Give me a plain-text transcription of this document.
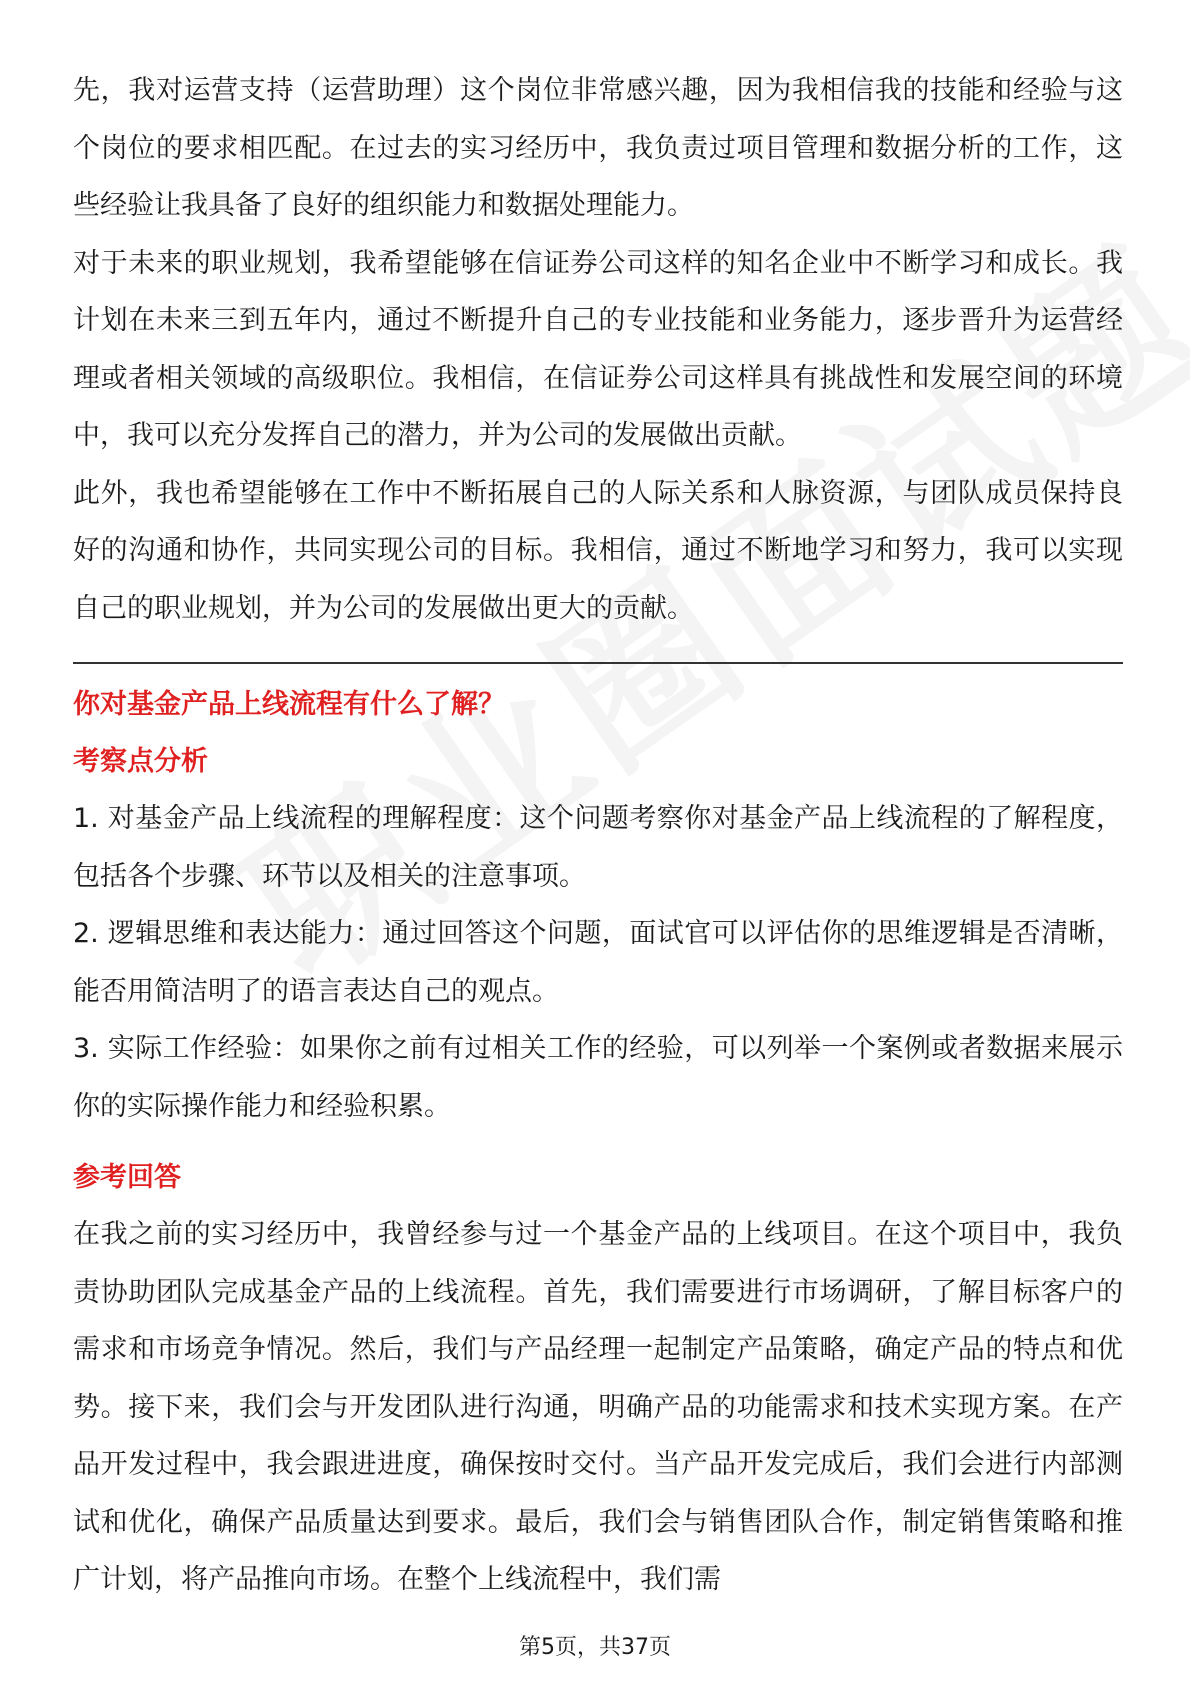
先，我对运营支持（运营助理）这个岗位非常感兴趣，因为我相信我的技能和经验与这个岗位的要求相匹配。在过去的实习经历中，我负责过项目管理和数据分析的工作，这些经验让我具备了良好的组织能力和数据处理能力。

对于未来的职业规划，我希望能够在信证券公司这样的知名企业中不断学习和成长。我计划在未来三到五年内，通过不断提升自己的专业技能和业务能力，逐步晋升为运营经理或者相关领域的高级职位。我相信，在信证券公司这样具有挑战性和发展空间的环境中，我可以充分发挥自己的潜力，并为公司的发展做出贡献。

此外，我也希望能够在工作中不断拓展自己的人际关系和人脉资源，与团队成员保持良好的沟通和协作，共同实现公司的目标。我相信，通过不断地学习和努力，我可以实现自己的职业规划，并为公司的发展做出更大的贡献。

你对基金产品上线流程有什么了解？

考察点分析

1. 对基金产品上线流程的理解程度：这个问题考察你对基金产品上线流程的了解程度，包括各个步骤、环节以及相关的注意事项。

2. 逻辑思维和表达能力：通过回答这个问题，面试官可以评估你的思维逻辑是否清晰，能否用简洁明了的语言表达自己的观点。

3. 实际工作经验：如果你之前有过相关工作的经验，可以列举一个案例或者数据来展示你的实际操作能力和经验积累。

参考回答

在我之前的实习经历中，我曾经参与过一个基金产品的上线项目。在这个项目中，我负责协助团队完成基金产品的上线流程。首先，我们需要进行市场调研，了解目标客户的需求和市场竞争情况。然后，我们与产品经理一起制定产品策略，确定产品的特点和优势。接下来，我们会与开发团队进行沟通，明确产品的功能需求和技术实现方案。在产品开发过程中，我会跟进进度，确保按时交付。当产品开发完成后，我们会进行内部测试和优化，确保产品质量达到要求。最后，我们会与销售团队合作，制定销售策略和推广计划，将产品推向市场。在整个上线流程中，我们需

第5页，共37页
